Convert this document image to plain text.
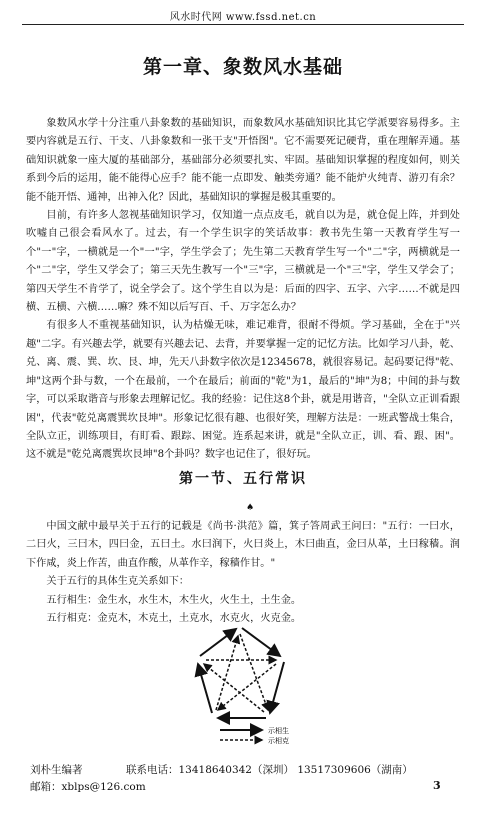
风水时代网 www.fssd.net.cn
第一章、象数风水基础

象数风水学十分注重八卦象数的基础知识，而象数风水基础知识比其它学派要容易得多。主要内容就是五行、干支、八卦象数和一张干支"开悟图"。它不需要死记硬背，重在理解弄通。基础知识就象一座大厦的基础部分，基础部分必须要扎实、牢固。基础知识掌握的程度如何，则关系到今后的运用，能不能得心应手？能不能一点即发、触类旁通？能不能炉火纯青、游刃有余？能不能开悟、通神，出神入化？因此，基础知识的掌握是极其重要的。

目前，有许多人忽视基础知识学习，仅知道一点点皮毛，就自以为是，就仓促上阵，并到处吹嘘自己很会看风水了。过去，有一个学生识字的笑话故事：教书先生第一天教育学生写一个"一"字，一横就是一个"一"字，学生学会了；先生第二天教育学生写一个"二"字，两横就是一个"二"字，学生又学会了；第三天先生教写一个"三"字，三横就是一个"三"字，学生又学会了；第四天学生不肯学了，说全学会了。这个学生自以为是：后面的四字、五字、六字……不就是四横、五横、六横……嘛？殊不知以后写百、千、万字怎么办？

有很多人不重视基础知识，认为枯燥无味，难记难背，很耐不得烦。学习基础，全在于"兴趣"二字。有兴趣去学，就要有兴趣去记、去背，并要掌握一定的记忆方法。比如学习八卦，乾、兑、离、震、巽、坎、艮、坤，先天八卦数字依次是12345678，就很容易记。起码要记得"乾、坤"这两个卦与数，一个在最前，一个在最后；前面的"乾"为1，最后的"坤"为8；中间的卦与数字，可以采取谐音与形象去理解记忆。我的经验：记住这8个卦，就是用谐音，"全队立正训看跟困"，代表"乾兑离震巽坎艮坤"。形象记忆很有趣、也很好笑，理解方法是：一班武警战士集合，全队立正，训练项目，有盯看、跟踪、困觉。连系起来讲，就是"全队立正，训、看、跟、困"。这不就是"乾兑离震巽坎艮坤"8个卦吗？数字也记住了，很好玩。

第一节、五行常识
♠

中国文献中最早关于五行的记载是《尚书·洪范》篇，箕子答周武王问曰："五行：一曰水，二曰火，三曰木，四曰金，五曰土。水曰润下，火曰炎上，木曰曲直，金曰从革，土曰稼穑。润下作咸，炎上作苦，曲直作酸，从革作辛，稼穑作甘。"

关于五行的具体生克关系如下：

五行相生：金生水，水生木，木生火，火生土，土生金。

五行相克：金克木，木克土，土克水，水克火，火克金。

示相生
示相克
刘朴生编著	联系电话：13418640342（深圳） 13517309606（湖南）
邮箱：xblps@126.com	3
